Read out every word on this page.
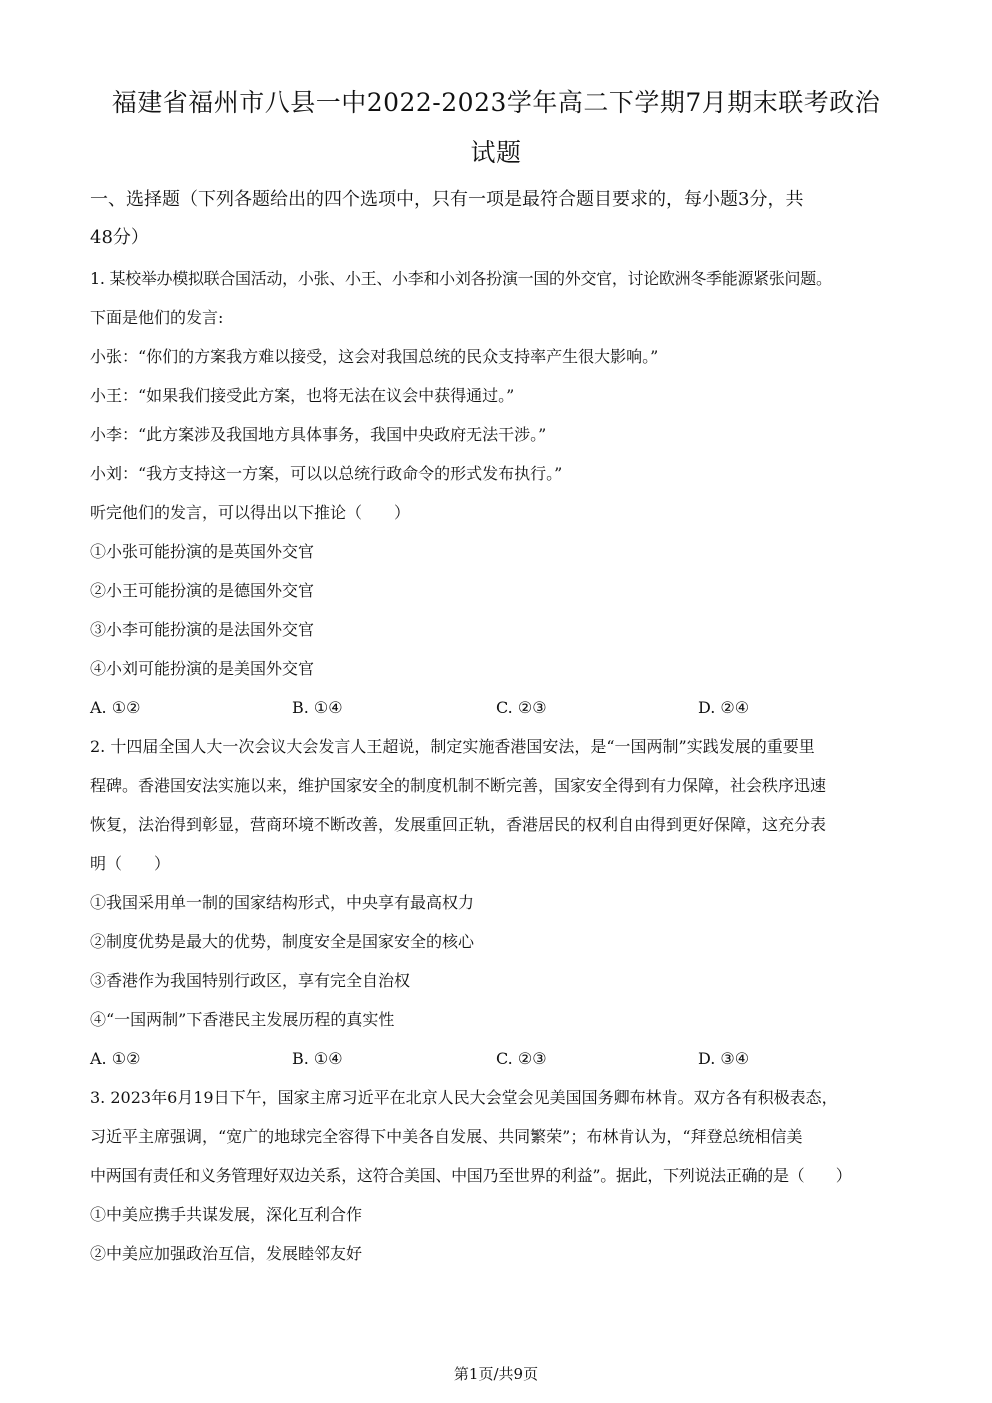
福建省福州市八县一中2022-2023学年高二下学期7月期末联考政治
试题
一、选择题（下列各题给出的四个选项中，只有一项是最符合题目要求的，每小题3分，共
48分）
1. 某校举办模拟联合国活动，小张、小王、小李和小刘各扮演一国的外交官，讨论欧洲冬季能源紧张问题。
下面是他们的发言:
小张：“你们的方案我方难以接受，这会对我国总统的民众支持率产生很大影响。”
小王：“如果我们接受此方案，也将无法在议会中获得通过。”
小李：“此方案涉及我国地方具体事务，我国中央政府无法干涉。”
小刘：“我方支持这一方案，可以以总统行政命令的形式发布执行。”
听完他们的发言，可以得出以下推论（　　）
①小张可能扮演的是英国外交官
②小王可能扮演的是德国外交官
③小李可能扮演的是法国外交官
④小刘可能扮演的是美国外交官
A. ①②	B. ①④	C. ②③	D. ②④
2. 十四届全国人大一次会议大会发言人王超说，制定实施香港国安法，是“一国两制”实践发展的重要里
程碑。香港国安法实施以来，维护国家安全的制度机制不断完善，国家安全得到有力保障，社会秩序迅速
恢复，法治得到彰显，营商环境不断改善，发展重回正轨，香港居民的权利自由得到更好保障，这充分表
明（　　）
①我国采用单一制的国家结构形式，中央享有最高权力
②制度优势是最大的优势，制度安全是国家安全的核心
③香港作为我国特别行政区，享有完全自治权
④“一国两制”下香港民主发展历程的真实性
A. ①②	B. ①④	C. ②③	D. ③④
3. 2023年6月19日下午，国家主席习近平在北京人民大会堂会见美国国务卿布林肯。双方各有积极表态，
习近平主席强调，“宽广的地球完全容得下中美各自发展、共同繁荣”；布林肯认为，“拜登总统相信美
中两国有责任和义务管理好双边关系，这符合美国、中国乃至世界的利益”。据此，下列说法正确的是（　　）
①中美应携手共谋发展，深化互利合作
②中美应加强政治互信，发展睦邻友好
第1页/共9页
